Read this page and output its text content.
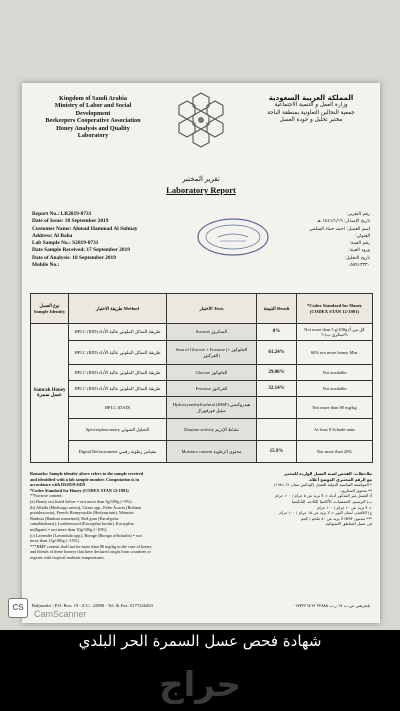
Kingdom of Saudi Arabia
Ministry of Labor and Social
Development
Beekeepers Cooperative Association
Honey Analysis and Quality
Laboratory
المملكة العربية السعودية
وزارة العمل و التنمية الاجتماعية
جمعية النحالين التعاونية بمنطقة الباحة
مختبر تحليل و جودة العسل
تقرير المختبر
Laboratory Report
Report No.: LR2019-0731
Date of Issue: 18 September 2019
Customer Name: Ahmad Hammad Al Sulmay
Address: Al Baha
Lab Sample No.: S2019-0731
Date Sample Received: 17 September 2019
Date of Analysis: 18 September 2019
Mobile No.:
رقم التقرير:
تاريخ الإصدار: ١٤٤١/١/١٩ هـ
اسم العميل: احمد حماد السلمي
العنوان:
رقم العينة:
ورود العينة:
تاريخ التحليل:
٠٥٥٩١٣٣٣٠
نوع العسل Sample Identity	طريقة الاختبار Method	الاختبار Tests	النتيجة Result	*Codex Standard for Honey (CODEX STAN 12-1981)
Samrah Honey عسل سمرة	HPLC (RID) طريقة السائل الملوني عالية الأداء	Sucrose السكروز	0%	Not more than 5 g/100g كل من أ) سكري ب) 5%
	HPLC (RID) طريقة السائل الملوني عالية الأداء	Sum of Glucose + Fructose (الجلوكوز + الفركتوز)	61.24%	60% not more honey Min.
	HPLC (RID) طريقة السائل الملوني عالية الأداء	Glucose الجلوكوز	29.00%	Not available
	HPLC (RID) طريقة السائل الملوني عالية الأداء	Fructose الفركتوز	32.14%	Not available
	HPLC (DAD)	Hydroxymethylfurfural (HMF) هيدروكسي ميثيل فورفورال		Not more than 80 mg/kg
	Spectrophotometry التحليل الضوئي	Diastase activity نشاط الإنزيم		At least 8 Schade units
	Digital Refractometer مقياس رطوبة رقمي	Moisture content محتوى الرطوبة	15.9%	Not more than 20%
Remarks: Sample identity above refers to the sample received
and identified with a lab sample number. Computation is in
accordance with DS2019-0419
*Codex Standard for Honey (CODEX STAN 12-1981)
**Sucrose content:
(a) Honey not listed below = not more than 5g/100g (~5%).
(b) Alfalfa (Medicago sativa), Citrus spp., False Acacia (Robinia
pseudoacacia), French Honeysuckle (Hedysarium), Menzies
Banksia (Banksia menziesii), Red gum (Eucalyptus
camaldulensis), Leatherwood (Eucryphia lucida), Eucryphia
milliganii = not more than 10g/100g (~10%)
(c) Lavender (Lavandula spp.), Borage (Borago officinalis) = not
more than 15g/100g (~15%)
***HMF content shall not be more than 80 mg/kg in the case of honey
and blends of these honeys that have declared origin from countries or
regions with tropical ambient temperatures.
ملاحظات: الفحص لعينة العسل الواردة للمختبر
مع الرقم المختبري الموضح أعلاه.
* المواصفة القياسية الدولية للعسل (كودكس ستان ١٢-١٩٨١)
** محتوى السكروز:
أ) العسل غير المذكور أدناه = لا يزيد عن ٥ جرام / ١٠٠ جرام
ب) البرسيم، الحمضيات، الأكاسيا الكاذبة، البانكسيا
= لا يزيد عن ١٠ جرام / ١٠٠ جرام
ج) اللافندر، لسان الثور = لا يزيد عن ١٥ جرام / ١٠٠ جرام
*** محتوى HMF لا يزيد عن ٨٠ ملجم / كجم
في عسل المناطق الاستوائية.
Baljurashi - P.O. Box: 19 - Z.C.: 22888 - Tel. & Fax: 0177226463	بلجرشي ص.ب ١٩ ر.ب ٢٢٨٨٨ ٠١٧٧٢٢٦٤٦٣
CS
CamScanner
شهادة فحص عسل السمرة الحر البلدي
حراج
